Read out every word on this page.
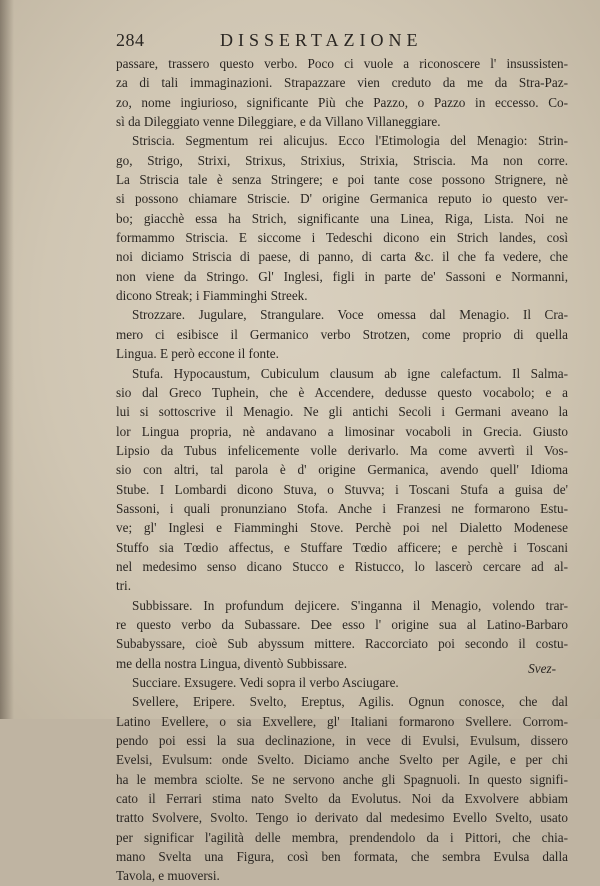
284	DISSERTAZIONE
passare, trassero questo verbo. Poco ci vuole a riconoscere l' insussisten-
za di tali immaginazioni. Strapazzare vien creduto da me da Stra-Paz-
zo, nome ingiurioso, significante Più che Pazzo, o Pazzo in eccesso. Co-
sì da Dileggiato venne Dileggiare, e da Villano Villaneggiare.
Striscia. Segmentum rei alicujus. Ecco l'Etimologia del Menagio: Strin-
go, Strigo, Strixi, Strixus, Strixius, Strixia, Striscia. Ma non corre.
La Striscia tale è senza Stringere; e poi tante cose possono Strignere, nè
si possono chiamare Striscie. D' origine Germanica reputo io questo ver-
bo; giacchè essa ha Strich, significante una Linea, Riga, Lista. Noi ne
formammo Striscia. E siccome i Tedeschi dicono ein Strich landes, così
noi diciamo Striscia di paese, di panno, di carta &c. il che fa vedere, che
non viene da Stringo. Gl' Inglesi, figli in parte de' Sassoni e Normanni,
dicono Streak; i Fiamminghi Streek.
Strozzare. Jugulare, Strangulare. Voce omessa dal Menagio. Il Cra-
mero ci esibisce il Germanico verbo Strotzen, come proprio di quella
Lingua. E però eccone il fonte.
Stufa. Hypocaustum, Cubiculum clausum ab igne calefactum. Il Salma-
sio dal Greco Tuphein, che è Accendere, dedusse questo vocabolo; e a
lui si sottoscrive il Menagio. Ne gli antichi Secoli i Germani aveano la
lor Lingua propria, nè andavano a limosinar vocaboli in Grecia. Giusto
Lipsio da Tubus infelicemente volle derivarlo. Ma come avvertì il Vos-
sio con altri, tal parola è d' origine Germanica, avendo quell' Idioma
Stube. I Lombardi dicono Stuva, o Stuvva; i Toscani Stufa a guisa de'
Sassoni, i quali pronunziano Stofa. Anche i Franzesi ne formarono Estu-
ve; gl' Inglesi e Fiamminghi Stove. Perchè poi nel Dialetto Modenese
Stuffo sia Tœdio affectus, e Stuffare Tœdio afficere; e perchè i Toscani
nel medesimo senso dicano Stucco e Ristucco, lo lascerò cercare ad al-
tri.
Subbissare. In profundum dejicere. S'inganna il Menagio, volendo trar-
re questo verbo da Subassare. Dee esso l' origine sua al Latino-Barbaro
Subabyssare, cioè Sub abyssum mittere. Raccorciato poi secondo il costu-
me della nostra Lingua, diventò Subbissare.
Succiare. Exsugere. Vedi sopra il verbo Asciugare.
Svellere, Eripere. Svelto, Ereptus, Agilis. Ognun conosce, che dal
Latino Evellere, o sia Exvellere, gl' Italiani formarono Svellere. Corrom-
pendo poi essi la sua declinazione, in vece di Evulsi, Evulsum, dissero
Evelsi, Evulsum: onde Svelto. Diciamo anche Svelto per Agile, e per chi
ha le membra sciolte. Se ne servono anche gli Spagnuoli. In questo signifi-
cato il Ferrari stima nato Svelto da Evolutus. Noi da Exvolvere abbiam
tratto Svolvere, Svolto. Tengo io derivato dal medesimo Evello Svelto, usato
per significar l'agilità delle membra, prendendolo da i Pittori, che chia-
mano Svelta una Figura, così ben formata, che sembra Evulsa dalla
Tavola, e muoversi.
Svez-
